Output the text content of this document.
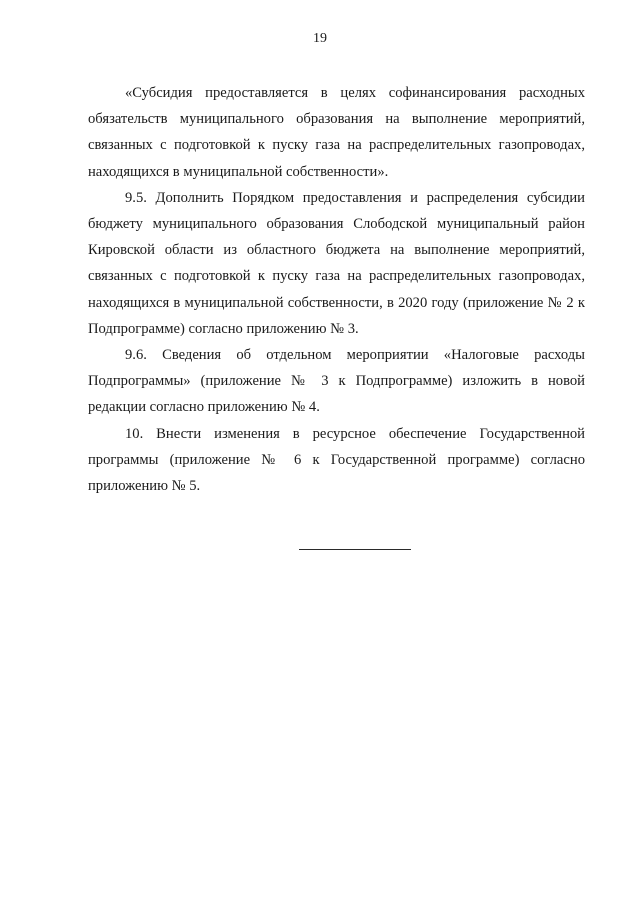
19

«Субсидия предоставляется в целях софинансирования расходных обязательств муниципального образования на выполнение мероприятий, связанных с подготовкой к пуску газа на распределительных газопроводах, находящихся в муниципальной собственности».

9.5. Дополнить Порядком предоставления и распределения субсидии бюджету муниципального образования Слободской муниципальный район Кировской области из областного бюджета на выполнение мероприятий, связанных с подготовкой к пуску газа на распределительных газопроводах, находящихся в муниципальной собственности, в 2020 году (приложение № 2 к Подпрограмме) согласно приложению № 3.

9.6. Сведения об отдельном мероприятии «Налоговые расходы Подпрограммы» (приложение № 3 к Подпрограмме) изложить в новой редакции согласно приложению № 4.

10. Внести изменения в ресурсное обеспечение Государственной программы (приложение № 6 к Государственной программе) согласно приложению № 5.
